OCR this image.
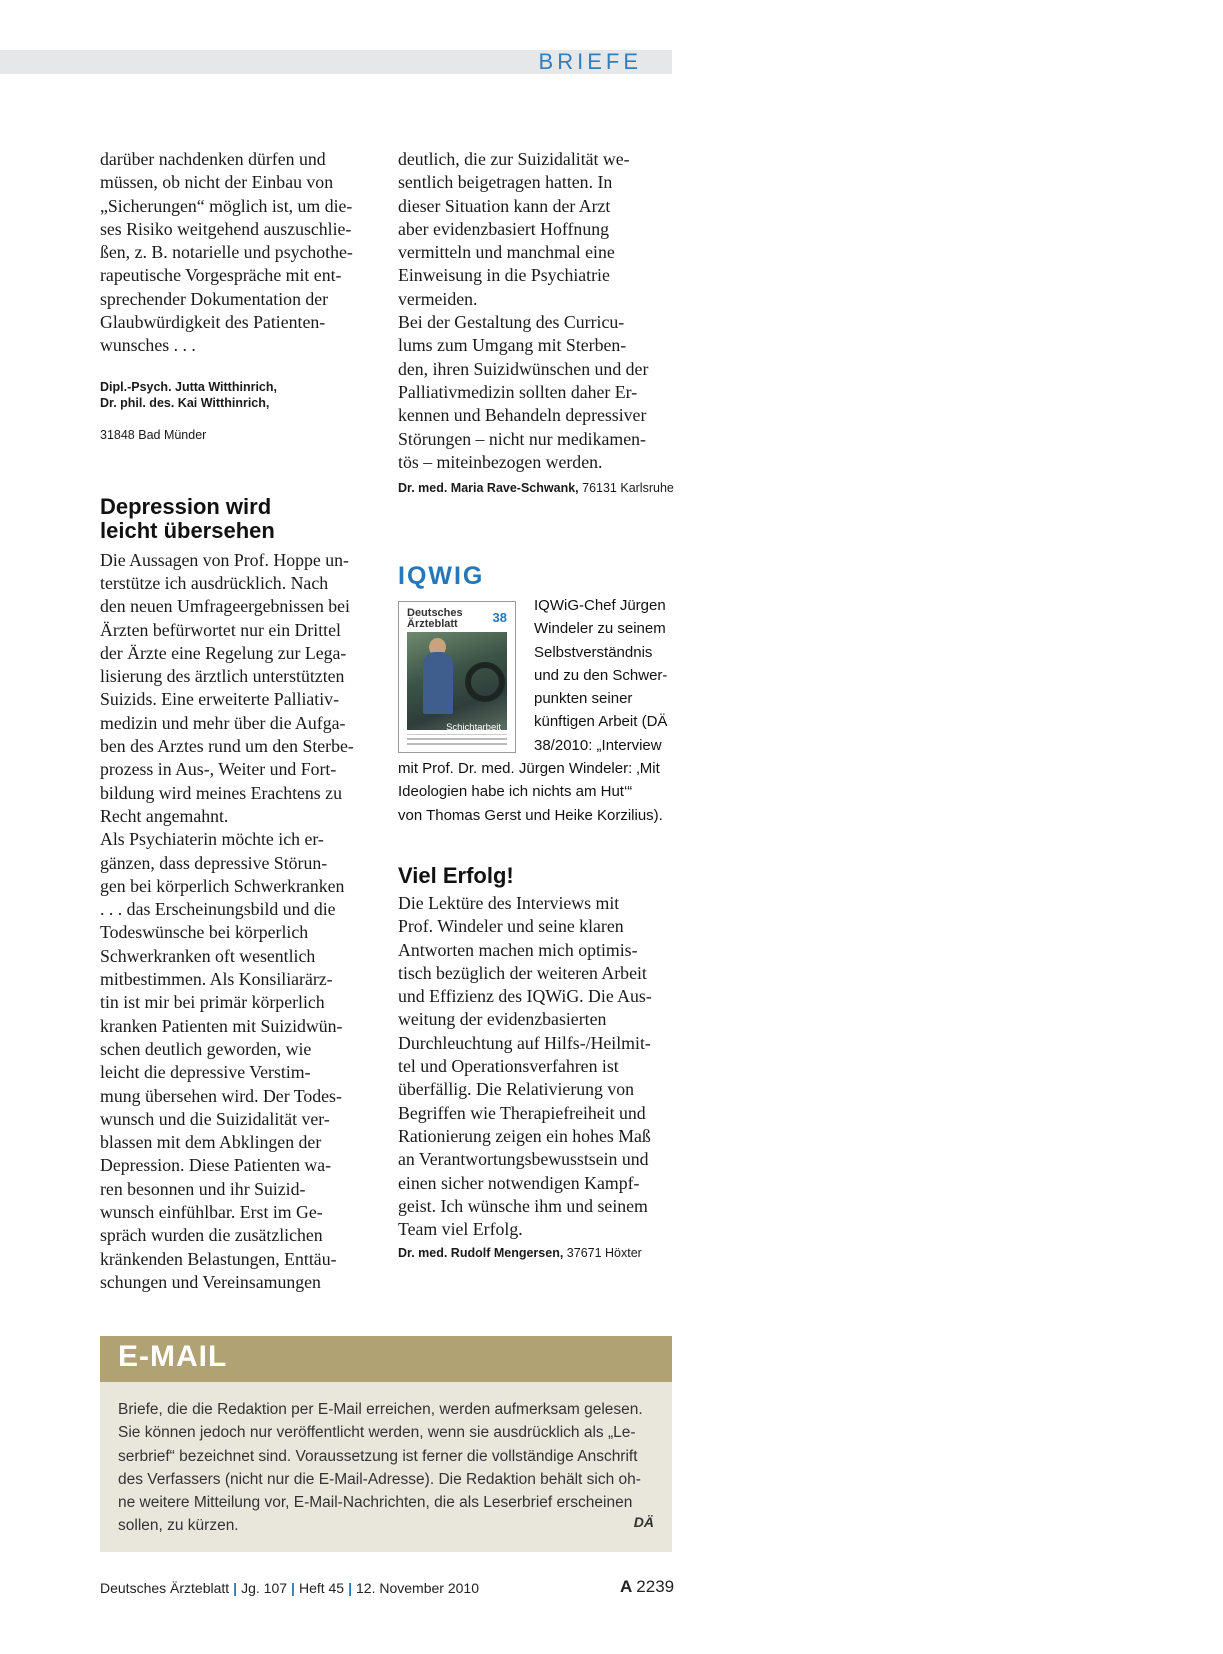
BRIEFE

darüber nachdenken dürfen und
müssen, ob nicht der Einbau von
„Sicherungen“ möglich ist, um die-
ses Risiko weitgehend auszuschlie-
ßen, z. B. notarielle und psychothe-
rapeutische Vorgespräche mit ent-
sprechender Dokumentation der
Glaubwürdigkeit des Patienten-
wunsches . . .

Dipl.-Psych. Jutta Witthinrich,
Dr. phil. des. Kai Witthinrich,

31848 Bad Münder

Depression wird
leicht übersehen

Die Aussagen von Prof. Hoppe un-
terstütze ich ausdrücklich. Nach
den neuen Umfrageergebnissen bei
Ärzten befürwortet nur ein Drittel
der Ärzte eine Regelung zur Lega-
lisierung des ärztlich unterstützten
Suizids. Eine erweiterte Palliativ-
medizin und mehr über die Aufga-
ben des Arztes rund um den Sterbe-
prozess in Aus-, Weiter und Fort-
bildung wird meines Erachtens zu
Recht angemahnt.

Als Psychiaterin möchte ich er-
gänzen, dass depressive Störun-
gen bei körperlich Schwerkranken
. . . das Erscheinungsbild und die
Todeswünsche bei körperlich
Schwerkranken oft wesentlich
mitbestimmen. Als Konsiliarärz-
tin ist mir bei primär körperlich
kranken Patienten mit Suizidwün-
schen deutlich geworden, wie
leicht die depressive Verstim-
mung übersehen wird. Der Todes-
wunsch und die Suizidalität ver-
blassen mit dem Abklingen der
Depression. Diese Patienten wa-
ren besonnen und ihr Suizid-
wunsch einfühlbar. Erst im Ge-
spräch wurden die zusätzlichen
kränkenden Belastungen, Enttäu-
schungen und Vereinsamungen

deutlich, die zur Suizidalität we-
sentlich beigetragen hatten. In
dieser Situation kann der Arzt
aber evidenzbasiert Hoffnung
vermitteln und manchmal eine
Einweisung in die Psychiatrie
vermeiden.

Bei der Gestaltung des Curricu-
lums zum Umgang mit Sterben-
den, ihren Suizidwünschen und der
Palliativmedizin sollten daher Er-
kennen und Behandeln depressiver
Störungen – nicht nur medikamen-
tös – miteinbezogen werden.

Dr. med. Maria Rave-Schwank, 76131 Karlsruhe
IQWIG
Deutsches
Ärzteblatt	38
Schichtarbeit

IQWiG-Chef Jürgen
Windeler zu seinem
Selbstverständnis
und zu den Schwer-
punkten seiner
künftigen Arbeit (DÄ
38/2010: „Interview
mit Prof. Dr. med. Jürgen Windeler: ‚Mit
Ideologien habe ich nichts am Hut‘“
von Thomas Gerst und Heike Korzilius).
Viel Erfolg!

Die Lektüre des Interviews mit
Prof. Windeler und seine klaren
Antworten machen mich optimis-
tisch bezüglich der weiteren Arbeit
und Effizienz des IQWiG. Die Aus-
weitung der evidenzbasierten
Durchleuchtung auf Hilfs-/Heilmit-
tel und Operationsverfahren ist
überfällig. Die Relativierung von
Begriffen wie Therapiefreiheit und
Rationierung zeigen ein hohes Maß
an Verantwortungsbewusstsein und
einen sicher notwendigen Kampf-
geist. Ich wünsche ihm und seinem
Team viel Erfolg.

Dr. med. Rudolf Mengersen, 37671 Höxter
E-MAIL

Briefe, die die Redaktion per E-Mail erreichen, werden aufmerksam gelesen.
Sie können jedoch nur veröffentlicht werden, wenn sie ausdrücklich als „Le-
serbrief“ bezeichnet sind. Voraussetzung ist ferner die vollständige Anschrift
des Verfassers (nicht nur die E-Mail-Adresse). Die Redaktion behält sich oh-
ne weitere Mitteilung vor, E-Mail-Nachrichten, die als Leserbrief erscheinen
sollen, zu kürzen.	DÄ
Deutsches Ärzteblatt | Jg. 107 | Heft 45 | 12. November 2010	A 2239
